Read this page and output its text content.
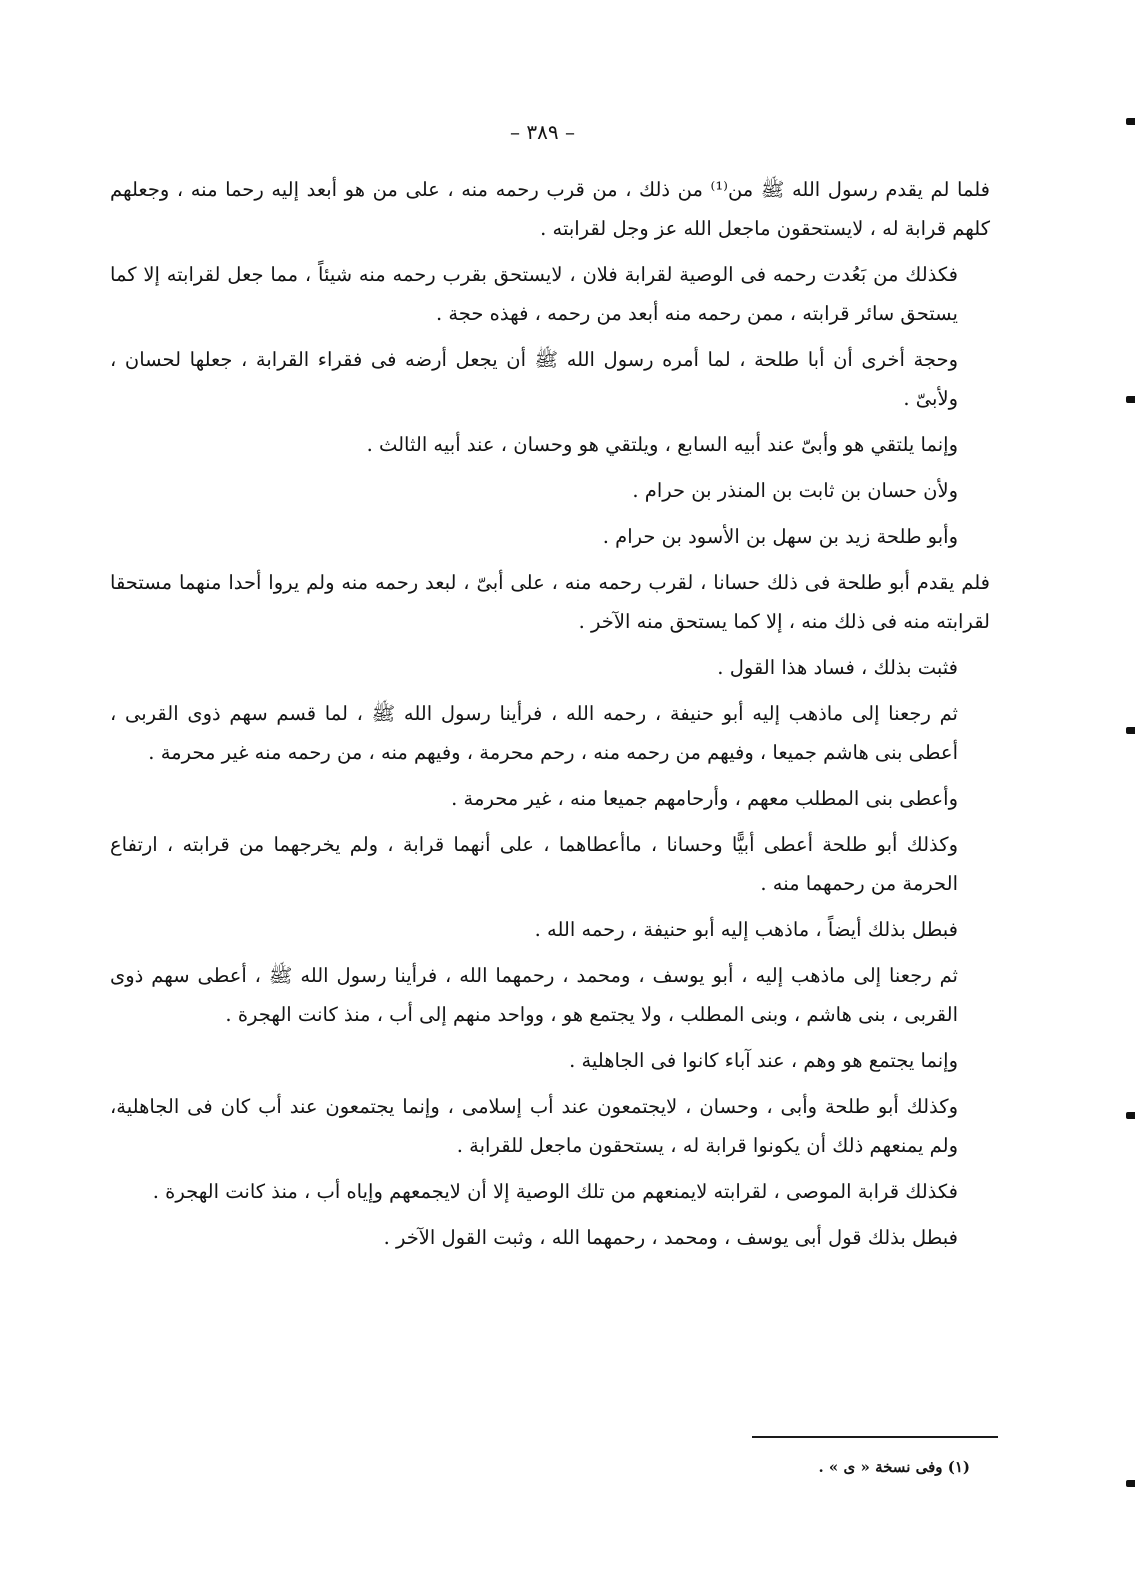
– ٣٨٩ –

فلما لم يقدم رسول الله ﷺ من⁽¹⁾ من ذلك ، من قرب رحمه منه ، على من هو أبعد إليه رحما منه ، وجعلهم كلهم قرابة له ، لايستحقون ماجعل الله عز وجل لقرابته .

فكذلك من بَعُدت رحمه فى الوصية لقرابة فلان ، لايستحق بقرب رحمه منه شيئاً ، مما جعل لقرابته إلا كما يستحق سائر قرابته ، ممن رحمه منه أبعد من رحمه ، فهذه حجة .

وحجة أخرى أن أبا طلحة ، لما أمره رسول الله ﷺ أن يجعل أرضه فى فقراء القرابة ، جعلها لحسان ، ولأبىّ .

وإنما يلتقي هو وأبىّ عند أبيه السابع ، ويلتقي هو وحسان ، عند أبيه الثالث .

ولأن حسان بن ثابت بن المنذر بن حرام .

وأبو طلحة زيد بن سهل بن الأسود بن حرام .

فلم يقدم أبو طلحة فى ذلك حسانا ، لقرب رحمه منه ، على أبىّ ، لبعد رحمه منه ولم يروا أحدا منهما مستحقا لقرابته منه فى ذلك منه ، إلا كما يستحق منه الآخر .

فثبت بذلك ، فساد هذا القول .

ثم رجعنا إلى ماذهب إليه أبو حنيفة ، رحمه الله ، فرأينا رسول الله ﷺ ، لما قسم سهم ذوى القربى ، أعطى بنى هاشم جميعا ، وفيهم من رحمه منه ، رحم محرمة ، وفيهم منه ، من رحمه منه غير محرمة .

وأعطى بنى المطلب معهم ، وأرحامهم جميعا منه ، غير محرمة .

وكذلك أبو طلحة أعطى أبيًّا وحسانا ، ماأعطاهما ، على أنهما قرابة ، ولم يخرجهما من قرابته ، ارتفاع الحرمة من رحمهما منه .

فبطل بذلك أيضاً ، ماذهب إليه أبو حنيفة ، رحمه الله .

ثم رجعنا إلى ماذهب إليه ، أبو يوسف ، ومحمد ، رحمهما الله ، فرأينا رسول الله ﷺ ، أعطى سهم ذوى القربى ، بنى هاشم ، وبنى المطلب ، ولا يجتمع هو ، وواحد منهم إلى أب ، منذ كانت الهجرة .

وإنما يجتمع هو وهم ، عند آباء كانوا فى الجاهلية .

وكذلك أبو طلحة وأبى ، وحسان ، لايجتمعون عند أب إسلامى ، وإنما يجتمعون عند أب كان فى الجاهلية، ولم يمنعهم ذلك أن يكونوا قرابة له ، يستحقون ماجعل للقرابة .

فكذلك قرابة الموصى ، لقرابته لايمنعهم من تلك الوصية إلا أن لايجمعهم وإياه أب ، منذ كانت الهجرة .

فبطل بذلك قول أبى يوسف ، ومحمد ، رحمهما الله ، وثبت القول الآخر .

(١) وفى نسخة « ى » .
